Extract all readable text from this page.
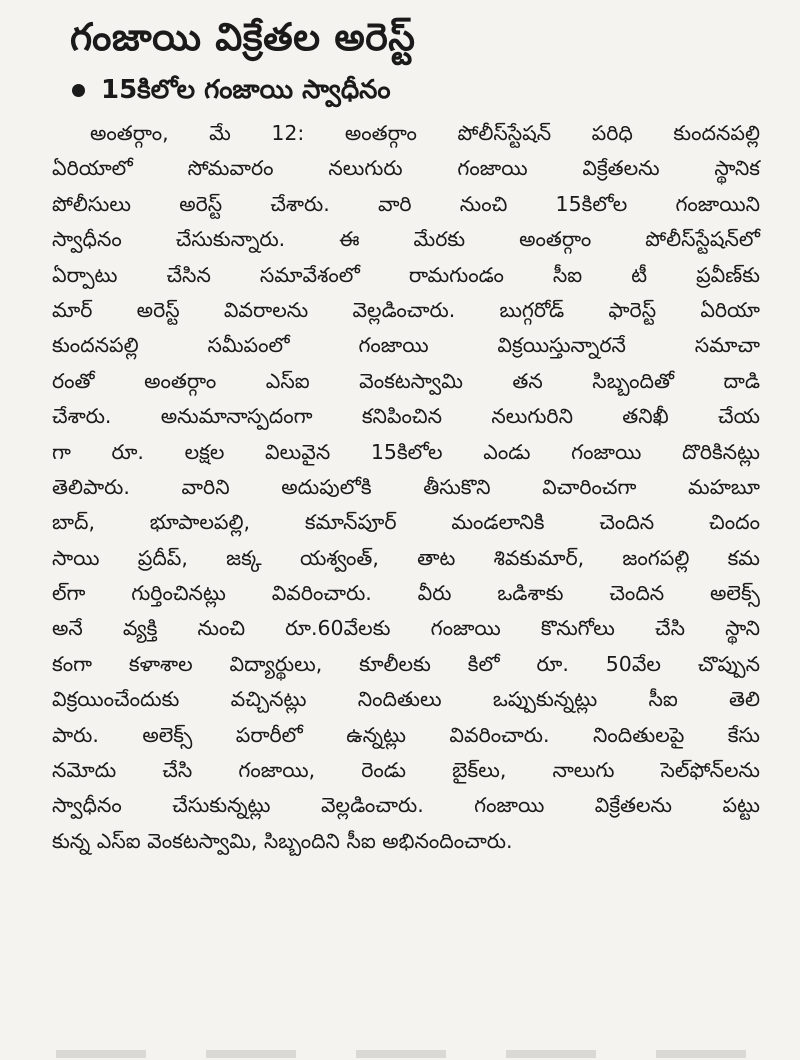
గంజాయి విక్రేతల అరెస్ట్
15కిలోల గంజాయి స్వాధీనం
అంతర్గాం, మే 12: అంతర్గాం పోలీస్‌స్టేషన్ పరిధి కుందనపల్లి
ఏరియాలో సోమవారం నలుగురు గంజాయి విక్రేతలను స్థానిక
పోలీసులు అరెస్ట్ చేశారు. వారి నుంచి 15కిలోల గంజాయిని
స్వాధీనం చేసుకున్నారు. ఈ మేరకు అంతర్గాం పోలీస్‌స్టేషన్‌లో
ఏర్పాటు చేసిన సమావేశంలో రామగుండం సీఐ టీ ప్రవీణ్‌కు
మార్ అరెస్ట్ వివరాలను వెల్లడించారు. బుగ్గరోడ్ ఫారెస్ట్ ఏరియా
కుందనపల్లి సమీపంలో గంజాయి విక్రయిస్తున్నారనే సమాచా
రంతో అంతర్గాం ఎస్ఐ వెంకటస్వామి తన సిబ్బందితో దాడి
చేశారు. అనుమానాస్పదంగా కనిపించిన నలుగురిని తనిఖీ చేయ
గా రూ. లక్షల విలువైన 15కిలోల ఎండు గంజాయి దొరికినట్లు
తెలిపారు. వారిని అదుపులోకి తీసుకొని విచారించగా మహబూ
బాద్, భూపాలపల్లి, కమాన్‌పూర్ మండలానికి చెందిన చిందం
సాయి ప్రదీప్, జక్క యశ్వంత్, తాట శివకుమార్, జంగపల్లి కమ
ల్‌గా గుర్తించినట్లు వివరించారు. వీరు ఒడిశాకు చెందిన అలెక్స్
అనే వ్యక్తి నుంచి రూ.60వేలకు గంజాయి కొనుగోలు చేసి స్థాని
కంగా కళాశాల విద్యార్థులు, కూలీలకు కిలో రూ. 50వేల చొప్పున
విక్రయించేందుకు వచ్చినట్లు నిందితులు ఒప్పుకున్నట్లు సీఐ తెలి
పారు. అలెక్స్ పరారీలో ఉన్నట్లు వివరించారు. నిందితులపై కేసు
నమోదు చేసి గంజాయి, రెండు బైక్‌లు, నాలుగు సెల్‌ఫోన్‌లను
స్వాధీనం చేసుకున్నట్లు వెల్లడించారు. గంజాయి విక్రేతలను పట్టు
కున్న ఎస్ఐ వెంకటస్వామి, సిబ్బందిని సీఐ అభినందించారు.
